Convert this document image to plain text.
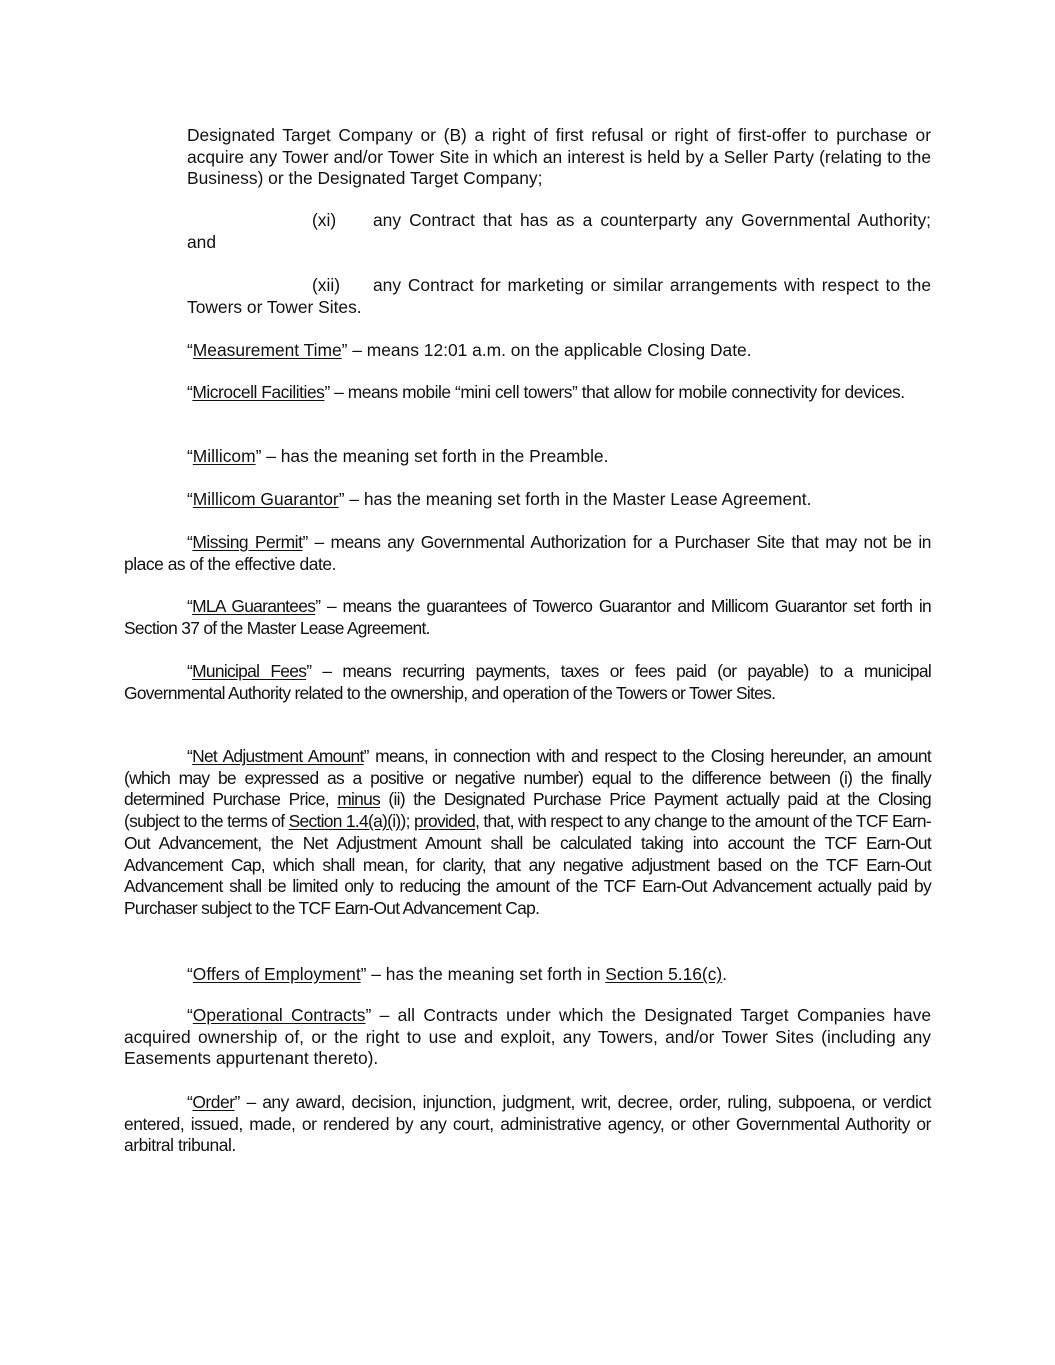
Designated Target Company or (B) a right of first refusal or right of first-offer to purchase or acquire any Tower and/or Tower Site in which an interest is held by a Seller Party (relating to the Business) or the Designated Target Company;

(xi) any Contract that has as a counterparty any Governmental Authority; and

(xii) any Contract for marketing or similar arrangements with respect to the Towers or Tower Sites.

“Measurement Time” – means 12:01 a.m. on the applicable Closing Date.

“Microcell Facilities” – means mobile “mini cell towers” that allow for mobile connectivity for devices.

“Millicom” – has the meaning set forth in the Preamble.

“Millicom Guarantor” – has the meaning set forth in the Master Lease Agreement.

“Missing Permit” – means any Governmental Authorization for a Purchaser Site that may not be in place as of the effective date.

“MLA Guarantees” – means the guarantees of Towerco Guarantor and Millicom Guarantor set forth in Section 37 of the Master Lease Agreement.

“Municipal Fees” – means recurring payments, taxes or fees paid (or payable) to a municipal Governmental Authority related to the ownership, and operation of the Towers or Tower Sites.

“Net Adjustment Amount” means, in connection with and respect to the Closing hereunder, an amount (which may be expressed as a positive or negative number) equal to the difference between (i) the finally determined Purchase Price, minus (ii) the Designated Purchase Price Payment actually paid at the Closing (subject to the terms of Section 1.4(a)(i)); provided, that, with respect to any change to the amount of the TCF Earn-Out Advancement, the Net Adjustment Amount shall be calculated taking into account the TCF Earn-Out Advancement Cap, which shall mean, for clarity, that any negative adjustment based on the TCF Earn-Out Advancement shall be limited only to reducing the amount of the TCF Earn-Out Advancement actually paid by Purchaser subject to the TCF Earn-Out Advancement Cap.

“Offers of Employment” – has the meaning set forth in Section 5.16(c).

“Operational Contracts” – all Contracts under which the Designated Target Companies have acquired ownership of, or the right to use and exploit, any Towers, and/or Tower Sites (including any Easements appurtenant thereto).

“Order” – any award, decision, injunction, judgment, writ, decree, order, ruling, subpoena, or verdict entered, issued, made, or rendered by any court, administrative agency, or other Governmental Authority or arbitral tribunal.
